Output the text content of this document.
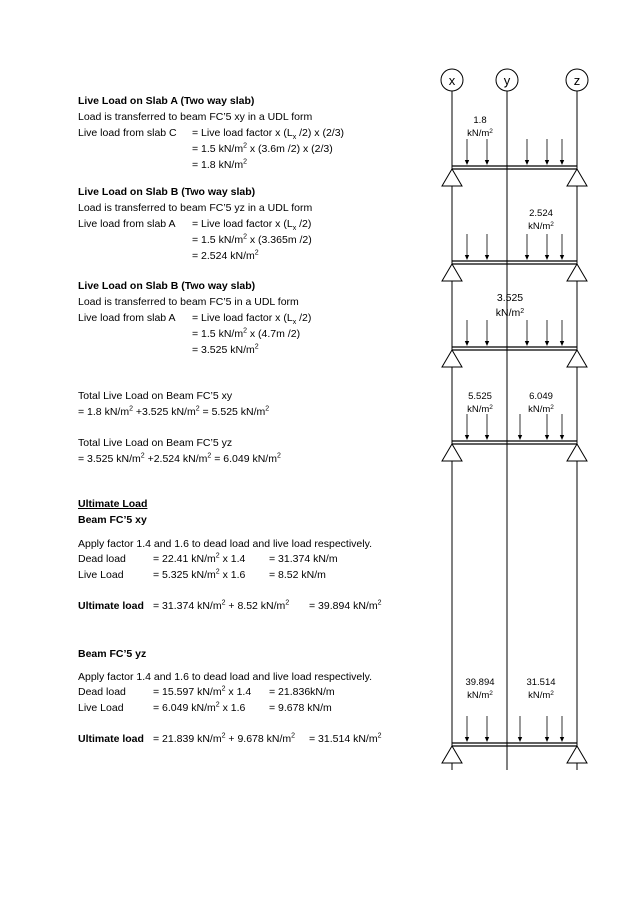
Live Load on Slab A (Two way slab)
Load is transferred to beam FC’5 xy in a UDL form
Live load from slab C = Live load factor x ($L_x$ /2) x (2/3)
= 1.5 $kN/m^2$ x (3.6m /2) x (2/3)
= 1.8 $kN/m^2$
Live Load on Slab B (Two way slab)
Load is transferred to beam FC’5 yz in a UDL form
Live load from slab A = Live load factor x ($L_x$ /2)
= 1.5 $kN/m^2$ x (3.365m /2)
= 2.524 $kN/m^2$
Live Load on Slab B (Two way slab)
Load is transferred to beam FC’5 in a UDL form
Live load from slab A = Live load factor x ($L_x$ /2)
= 1.5 $kN/m^2$ x (4.7m /2)
= 3.525 $kN/m^2$
Total Live Load on Beam FC’5 xy
= 1.8 $kN/m^2 +3.525$ $kN/m^2 = 5.525$ $kN/m^2$
Total Live Load on Beam FC’5 yz
= 3.525 $kN/m^2 +2.524$ $kN/m^2 = 6.049$ $kN/m^2$
Ultimate Load
Beam FC’5 xy
Apply factor 1.4 and 1.6 to dead load and live load respectively.
Dead load	= 22.41 $kN/m^2$ x 1.4 = 31.374 kN/m
Live Load	= 5.325 $kN/m^2$ x 1.6 = 8.52 kN/m
Ultimate load = 31.374 $kN/m^2 + 8.52$ $kN/m^2 = 39.894$ $kN/m^2$
Beam FC’5 yz
Apply factor 1.4 and 1.6 to dead load and live load respectively.
Dead load	= 15.597 $kN/m^2$ x 1.4 = 21.836kN/m
Live Load	= 6.049 $kN/m^2$ x 1.6 = 9.678 kN/m
Ultimate load = 21.839 $kN/m^2 + 9.678$ $kN/m^2 = 31.514$ $kN/m^2$
x	y	z
1.8
$kN/m^2$
2.524
$kN/m^2$
3.525
$kN/m^2$
5.525
$kN/m^2$
6.049
$kN/m^2$
39.894
$kN/m^2$
31.514
$kN/m^2$
